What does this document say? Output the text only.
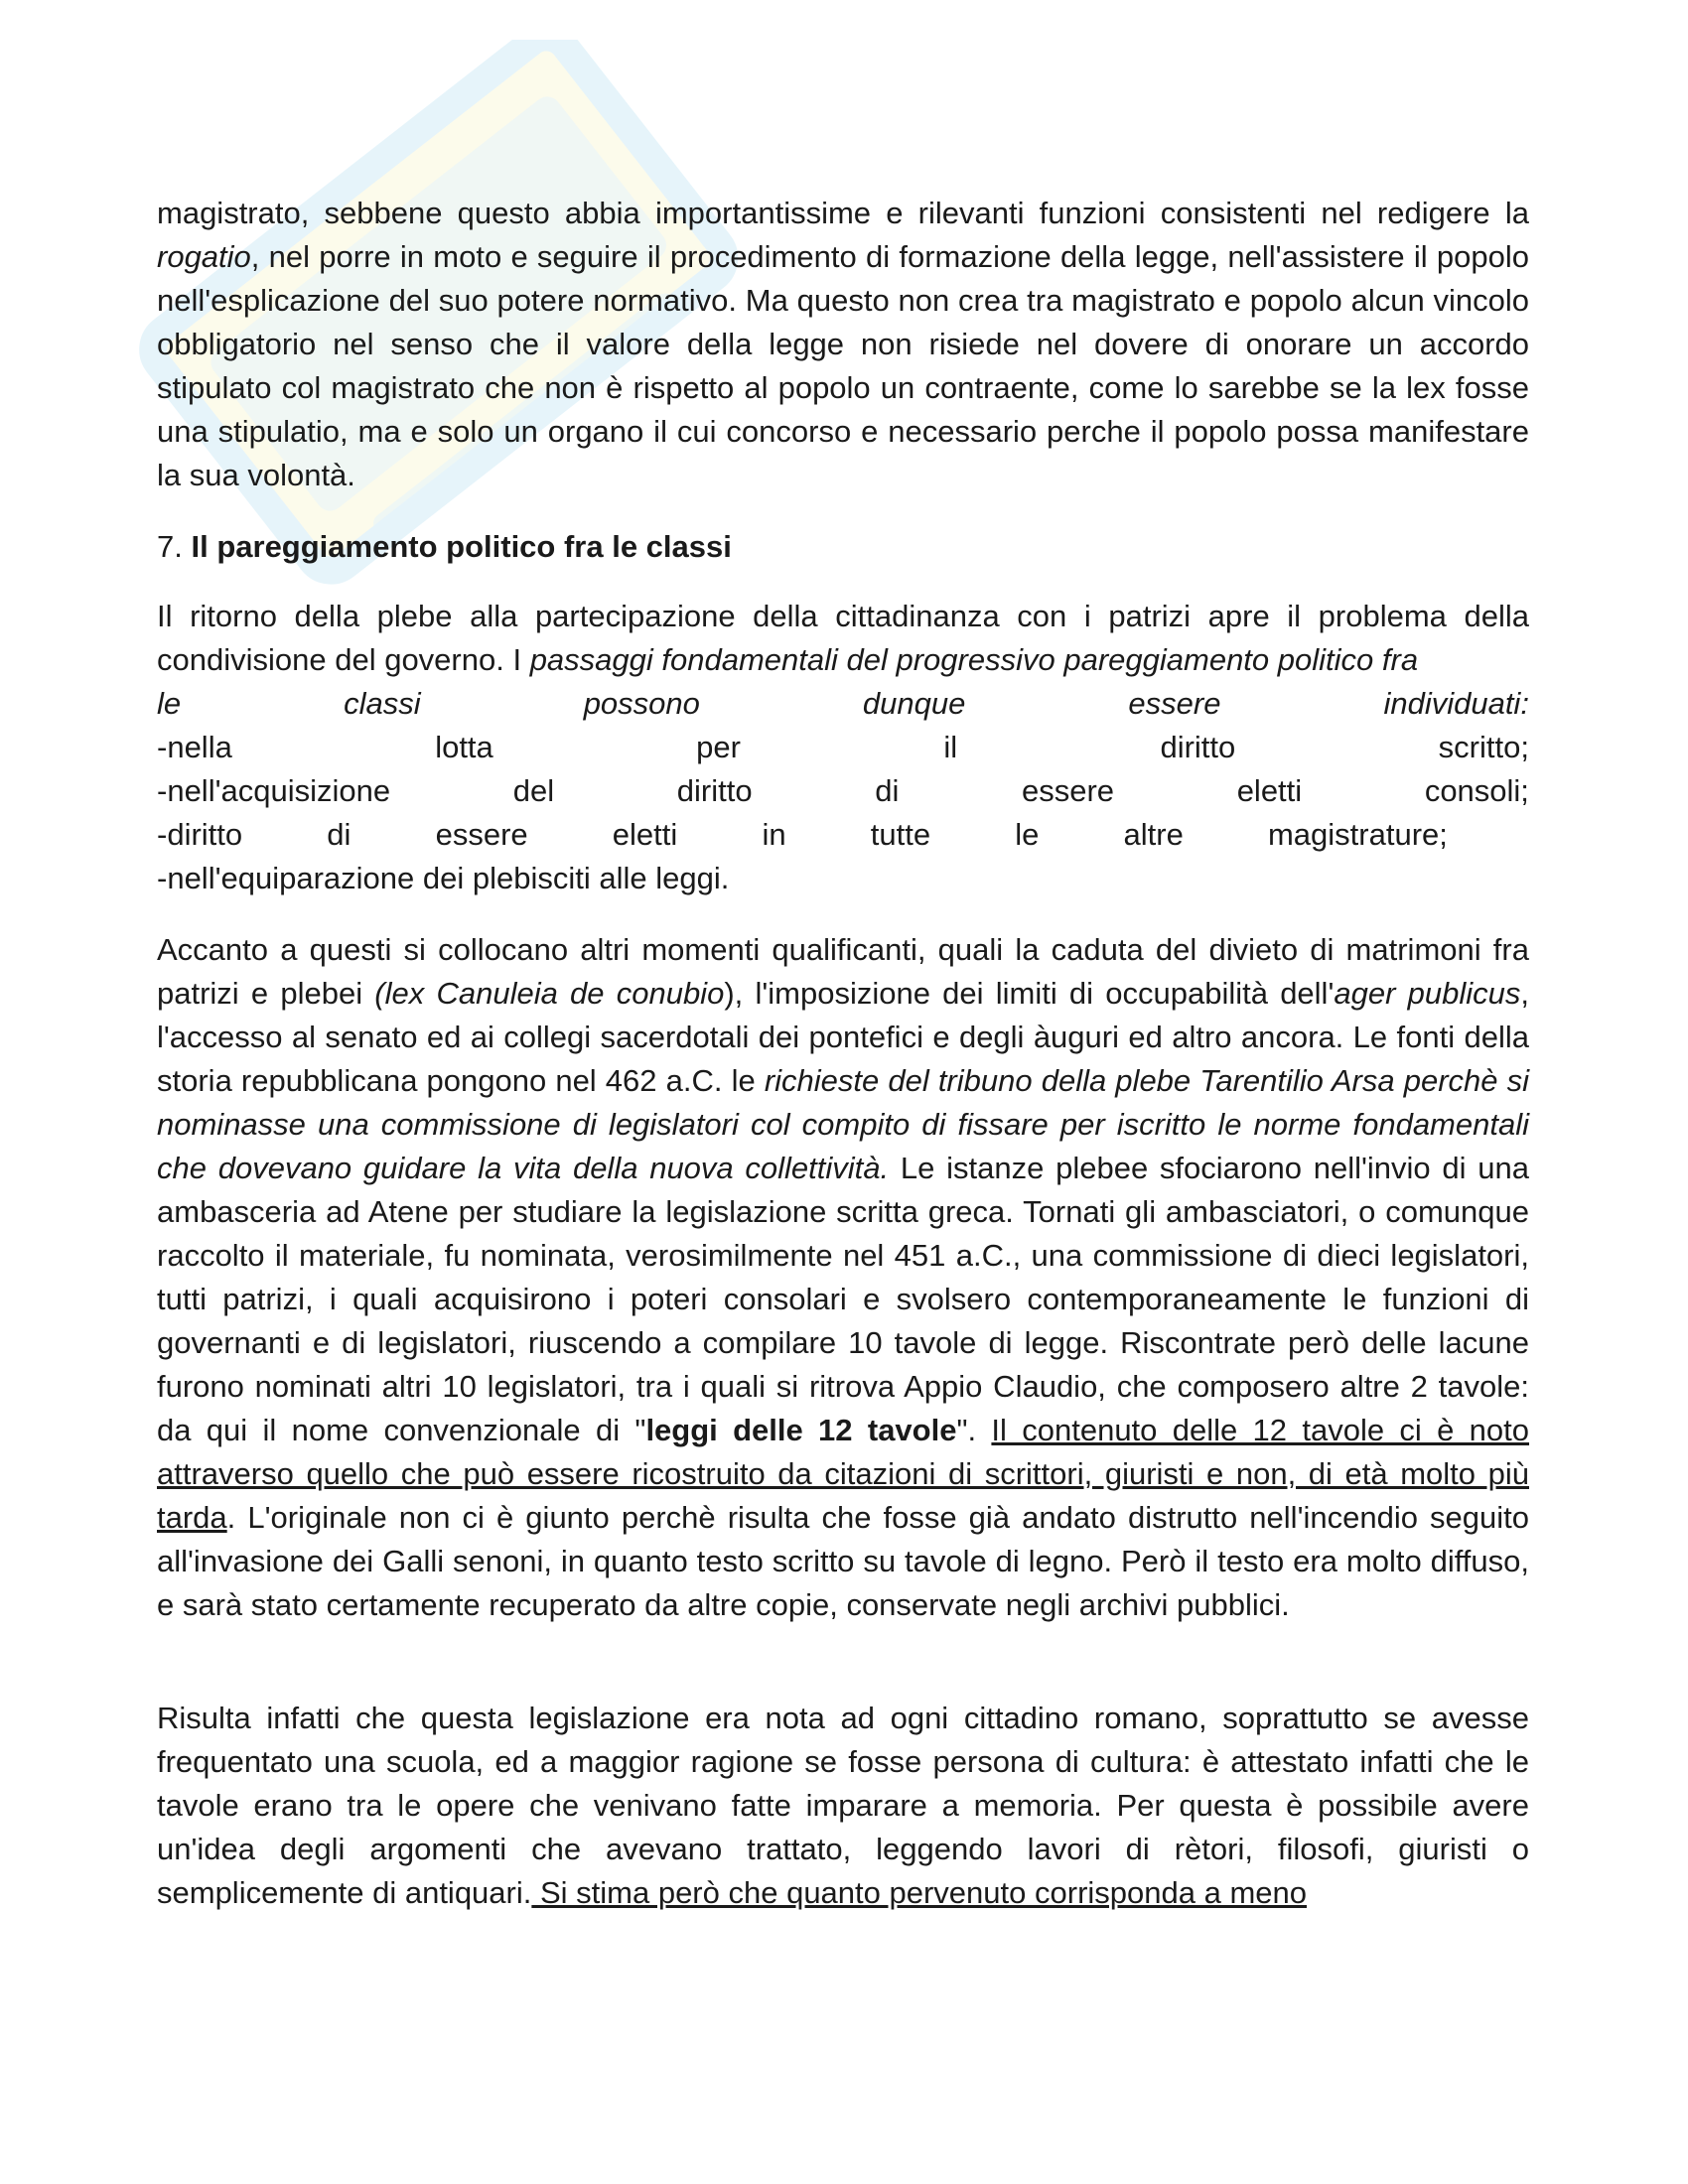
magistrato, sebbene questo abbia importantissime e rilevanti funzioni consistenti nel redigere la rogatio, nel porre in moto e seguire il procedimento di formazione della legge, nell'assistere il popolo nell'esplicazione del suo potere normativo. Ma questo non crea tra magistrato e popolo alcun vincolo obbligatorio nel senso che il valore della legge non risiede nel dovere di onorare un accordo stipulato col magistrato che non è rispetto al popolo un contraente, come lo sarebbe se la lex fosse una stipulatio, ma e solo un organo il cui concorso e necessario perche il popolo possa manifestare la sua volontà.

7. Il pareggiamento politico fra le classi

Il ritorno della plebe alla partecipazione della cittadinanza con i patrizi apre il problema della condivisione del governo. I passaggi fondamentali del progressivo pareggiamento politico fra

le	classi	possono	dunque	essere	individuati:
-nella	lotta	per	il	diritto	scritto;
-nell'acquisizione	del	diritto	di	essere	eletti	consoli;
-diritto	di	essere	eletti	in	tutte	le	altre	magistrature;
-nell'equiparazione dei plebisciti alle leggi.

Accanto a questi si collocano altri momenti qualificanti, quali la caduta del divieto di matrimoni fra patrizi e plebei (lex Canuleia de conubio), l'imposizione dei limiti di occupabilità dell'ager publicus, l'accesso al senato ed ai collegi sacerdotali dei pontefici e degli àuguri ed altro ancora. Le fonti della storia repubblicana pongono nel 462 a.C. le richieste del tribuno della plebe Tarentilio Arsa perchè si nominasse una commissione di legislatori col compito di fissare per iscritto le norme fondamentali che dovevano guidare la vita della nuova collettività. Le istanze plebee sfociarono nell'invio di una ambasceria ad Atene per studiare la legislazione scritta greca. Tornati gli ambasciatori, o comunque raccolto il materiale, fu nominata, verosimilmente nel 451 a.C., una commissione di dieci legislatori, tutti patrizi, i quali acquisirono i poteri consolari e svolsero contemporaneamente le funzioni di governanti e di legislatori, riuscendo a compilare 10 tavole di legge. Riscontrate però delle lacune furono nominati altri 10 legislatori, tra i quali si ritrova Appio Claudio, che composero altre 2 tavole: da qui il nome convenzionale di "leggi delle 12 tavole". Il contenuto delle 12 tavole ci è noto attraverso quello che può essere ricostruito da citazioni di scrittori, giuristi e non, di età molto più tarda. L'originale non ci è giunto perchè risulta che fosse già andato distrutto nell'incendio seguito all'invasione dei Galli senoni, in quanto testo scritto su tavole di legno. Però il testo era molto diffuso, e sarà stato certamente recuperato da altre copie, conservate negli archivi pubblici.

Risulta infatti che questa legislazione era nota ad ogni cittadino romano, soprattutto se avesse frequentato una scuola, ed a maggior ragione se fosse persona di cultura: è attestato infatti che le tavole erano tra le opere che venivano fatte imparare a memoria. Per questa è possibile avere un'idea degli argomenti che avevano trattato, leggendo lavori di rètori, filosofi, giuristi o semplicemente di antiquari. Si stima però che quanto pervenuto corrisponda a meno
